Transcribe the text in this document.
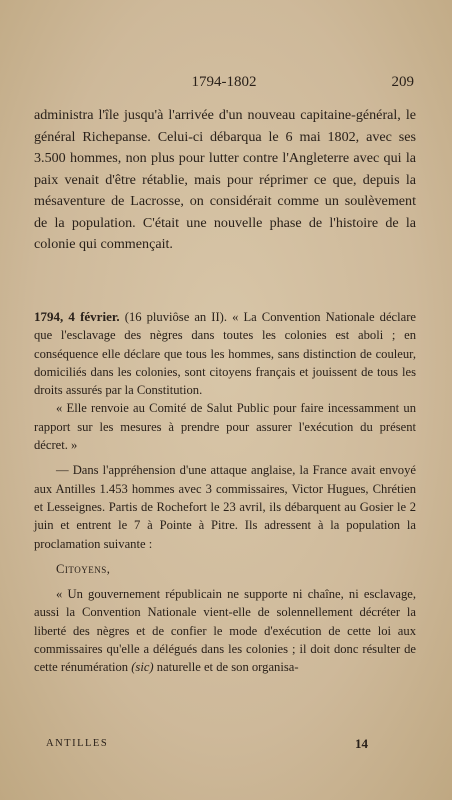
1794-1802	209
administra l'île jusqu'à l'arrivée d'un nouveau capitaine-général, le général Richepanse. Celui-ci débarqua le 6 mai 1802, avec ses 3.500 hommes, non plus pour lutter contre l'Angleterre avec qui la paix venait d'être rétablie, mais pour réprimer ce que, depuis la mésaventure de Lacrosse, on considérait comme un soulèvement de la population. C'était une nouvelle phase de l'histoire de la colonie qui commençait.

1794, 4 février. (16 pluviôse an II). « La Convention Nationale déclare que l'esclavage des nègres dans toutes les colonies est aboli ; en conséquence elle déclare que tous les hommes, sans distinction de couleur, domiciliés dans les colonies, sont citoyens français et jouissent de tous les droits assurés par la Constitution.

« Elle renvoie au Comité de Salut Public pour faire incessamment un rapport sur les mesures à prendre pour assurer l'exécution du présent décret. »

— Dans l'appréhension d'une attaque anglaise, la France avait envoyé aux Antilles 1.453 hommes avec 3 commissaires, Victor Hugues, Chrétien et Lesseignes. Partis de Rochefort le 23 avril, ils débarquent au Gosier le 2 juin et entrent le 7 à Pointe à Pitre. Ils adressent à la population la proclamation suivante :

Citoyens,

« Un gouvernement républicain ne supporte ni chaîne, ni esclavage, aussi la Convention Nationale vient-elle de solennellement décréter la liberté des nègres et de confier le mode d'exécution de cette loi aux commissaires qu'elle a délégués dans les colonies ; il doit donc résulter de cette rénumération (sic) naturelle et de son organisa-

ANTILLES	14
